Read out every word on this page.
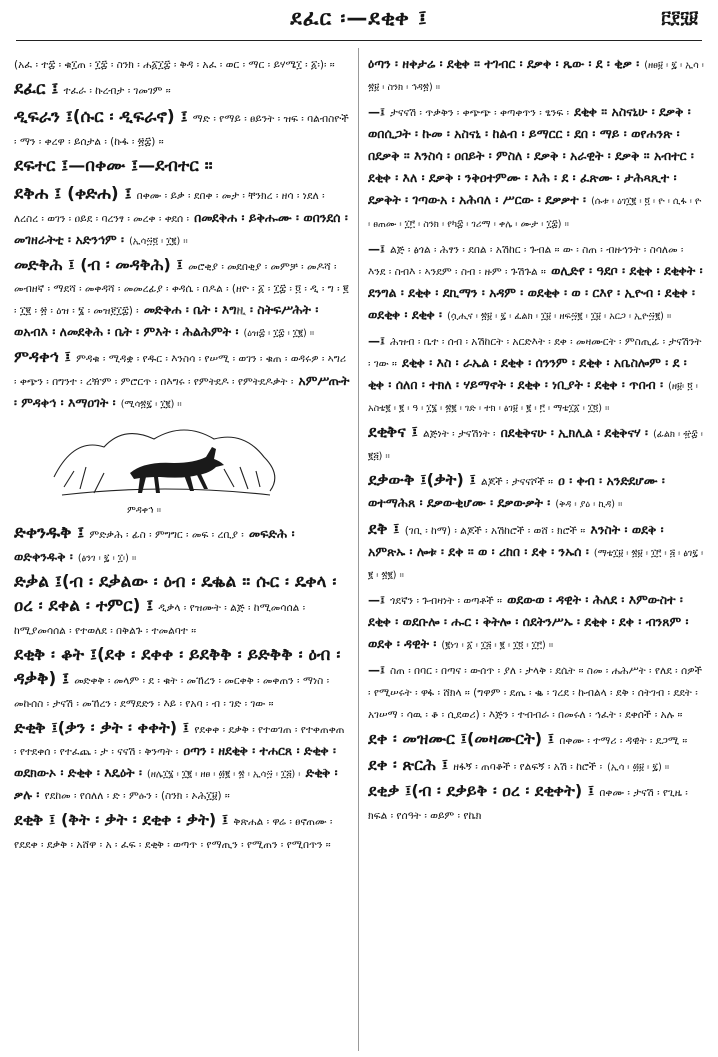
ደፈር ፡—ደቂቀ ፤	፫፻፶፱

(አፈ ፡ ተ፰ ፡ ቁ፲ጠ ፡ ፲፰ ፡ ስንክ ፡ ሐ፩፲፰ ፡ ቅዳ ፡ አፈ ፡ ወር ፡ ማር ፡ ይሃሜ፲ ፡ ፩፡)፡ ።

ደፈር ፤ ተፈራ ፡ ኩረብታ ፡ ገመገም ።

ዲፍራን ፤(ሱር ፡ ዲፍራኖ) ፤ ማድ ፡ የማይ ፡ ፀይንት ፡ ዝፍ ፡ ባልብስዮች ፡ ማን ፡ ቀረዋ ፡ ይሰታል ፡ (ኩፋ ፡ ፳፰) ።

ደፍተር ፤—በቀሙ ፤—ደብተር ።

ደቅሐ ፤ (ቀድሐ) ፤ በቀሙ ፡ ይቃ ፡ ደበቀ ፡ መታ ፡ ቸንክረ ፡ ዘሳ ፡ ነደለ ፡ ለረስረ ፡ ወገን ፡ ዐይደ ፡ ባረንፃ ፡ መረቀ ፡ ቀደሰ ፡ በመደቅሐ ፡ ይቅሑሙ ፡ ወበንደሰ ፡ መገዘራትቲ ፡ አድንኅም ፡ (ኢሳ፵፬ ፡ ፲፪) ።

መድቅሕ ፤ (ብ ፡ መዳቅሕ) ፤ መሮቂያ ፡ መደበቂያ ፡ መምቻ ፡ መዶሻ ፡ መብዘኛ ፡ ማደሻ ፡ መቀዳሻ ፡ መመረፊያ ፡ ቀዳሴ ፡ በዶል ፡ (ዘዮ ፡ ፩ ፡ ፲፰ ፡ ፬ ፡ ዲ ፡ ግ ፡ ፪ ፡ ፲፪ ፡ ፳ ፡ ዕዝ ፡ ፮ ፡ መዝ፻፲፰) ፡ መድቅሐ ፡ ቤት ፡ እግዚ ፡ ስትፍሥሕት ፡ ወአብእ ፡ ለመደቅሕ ፡ ቤት ፡ ምእት ፡ ሕልሕምት ፡ (ዕዝ፰ ፡ ፲፰ ፡ ፲፪) ።

ምዳቀኅ ፤ ምዳቁ ፡ ሚዳቋ ፡ የዱር ፡ እንስሳ ፡ የሠሚ ፡ ወገን ፡ ቁጠ ፡ ወዳሩዎ ፡ ኣግሪ ፡ ቀጭን ፡ በግንተ ፡ ረዥም ፡ ምሮርጥ ፡ በእግሩ ፡ የምትደዶ ፡ የምትደዶቃት ፡ አምሥጡት ፡ ምዳቀኅ ፡ እማዐገት ፡ (ሚሳ፳፯ ፡ ፲፪) ።

ምዳቀኅ ።

ድቀንዱቅ ፤ ምድቃሕ ፡ ፊስ ፡ ምግግር ፡ መፍ ፡ ረቢያ ፡ መፍድሕ ፡ ወድቀንዱቅ ፡ (ፅንገ ፡ ፯ ፡ ፲፡) ።

ድቃል ፤(ብ ፡ ደቃልው ፡ ዕብ ፡ ዴቈል ። ሱር ፡ ዴቀላ ፡ ዐረ ፡ ደቀል ፡ ተምር) ፤ ዲቃላ ፡ የዝሙት ፡ ልጅ ፡ ከሚመሳሰል ፡ ከሚያመሳሰል ፡ የተወለደ ፡ በቅልጉ ፡ ተመልባተ ።

ደቂቅ ፡ ቆት ፤(ደቀ ፡ ደቀቀ ፡ ይደቅቅ ፡ ይድቅቅ ፡ ዕብ ፡ ዳቃቅ) ፤ መድቀቅ ፡ መላም ፡ ደ ፡ ቁት ፡ መኸረን ፡ መርቀቅ ፡ መቀጠን ፡ ማነስ ፡ መኩሰስ ፡ ታናሽ ፡ መኸረን ፡ ደማደድን ፡ እይ ፡ የአባ ፡ ብ ፡ ገድ ፡ ገው ።

ድቂቅ ፤(ቃን ፡ ቃት ፡ ቀቀት) ፤ የደቀቀ ፡ ደቃቅ ፡ የተወገጠ ፡ የተቀጠቀጠ ፡ የተደቀሰ ፡ የተፈጨ ፡ ታ ፡ ናናሽ ፡ ቅንጣት ፡ ዐጣን ፡ ዘደቂቅ ፡ ተሐርጸ ፡ ድቂቀ ፡ ወደክውኦ ፡ ድቂቀ ፡ እዴዕት ፡ (ዘሌ፲፮ ፡ ፲፪ ፡ ዘፀ ፡ ፴፪ ፡ ፳ ፡ ኢሳ፵ ፡ ፲፭) ፡ ድቂቅ ፡ ቃሉ ፡ የደከመ ፡ የሰለለ ፡ ድ ፡ ምፁን ፡ (ስንክ ፡ ኦሕ፲፱) ።

ደቂቅ ፤ (ቅት ፡ ቃት ፡ ደቂቀ ፡ ቃት) ፤ ቅጽሐል ፡ ዋሬ ፡ ፀኖጠሙ ፡ የደደቀ ፡ ደቃቅ ፡ አሸዋ ፡ አ ፡ ፈፍ ፡ ደቂቅ ፡ ወጣጥ ፡ የማጢን ፡ የሚጠን ፡ የሚበጥን ።

ዕጣን ፡ ዘቀታሬ ፡ ደቂቀ ። ተገብር ፡ ደቃቀ ፡ ጼው ፡ ደ ፡ ቂቃ ፡ (ዘፀ፱ ፡ ፯ ፡ ኢሳ ፡ ፳፱ ፡ ስንክ ፡ ኅዳ፳) ።

—፤ ታናናሽ ፡ ጥቃቅን ፡ ቀጭጭ ፡ ቀጣቀጥን ፡ ፄንፍ ፡ ደቂቀ ። አስናኒሁ ፡ ደቃቅ ፡ ወበሲጋት ፡ ኩመ ፡ አስናኒ ፡ ከልብ ፡ ይማርር ፡ ደበ ፡ ማይ ፡ ወየሐንጽ ፡ በደቃቅ ። እንስሳ ፡ ዐበይት ፡ ምስለ ፡ ደቃቅ ፡ አራዊት ፡ ደቃቅ ። አብተር ፡ ደቂቀ ፡ እለ ፡ ደቃቅ ፡ ንቅዐተምሙ ፡ እሕ ፡ ደ ፡ ፈጽሙ ፡ ታሕጻጺተ ፡ ደቃቅት ፡ ገጣውአ ፡ አሕባለ ፡ ሥርው ፡ ደቃቃተ ፡ (ሱቱ ፡ ዕገ፲፪ ፡ ፬ ፡ ዮ ፡ ሲፋ ፡ ዮ ፡ ፀጠሙ ፡ ፲፫ ፡ ስንክ ፡ የካ፰ ፡ ገሪማ ፡ ቀሌ ፡ ሙታ ፡ ፲፰) ።

—፤ ልጅ ፡ ፅጎል ፡ ሕፃን ፡ ደበል ፡ አሽከር ፡ ጉብል ። ው ፡ ስጠ ፡ ብዙኅንት ፡ ስሳለመ ፡ እንደ ፡ ስብእ ፡ ኣንደም ፡ ስብ ፡ ዙም ፡ ጉሽጉል ። ወሊድየ ፡ ዓደቦ ፡ ደቂቀ ፡ ደቂቀት ፡ ደንግል ፡ ደቂቀ ፡ ደኪማን ፡ አዳም ፡ ወደቂቀ ፡ ወ ፡ ርእየ ፡ ኢዮብ ፡ ደቂቀ ፡ ወደቂቀ ፡ ደቂቀ ፡ (ሷሒና ፡ ፳፱ ፡ ፯ ፡ ፈልክ ፡ ፲፱ ፡ ዘፍ፵፪ ፡ ፲፱ ፡ አርጋ ፡ ኢዮ፵፪) ።

—፤ ሕዝብ ፡ ቤተ ፡ ሰብ ፡ አሽከርት ፡ አርድእት ፡ ደቀ ፡ መዛሙርት ፡ ምስጢፊ ፡ ታናሽንት ፡ ገው ። ደቂቀ ፡ እስ ፡ ራኤል ፡ ደቂቀ ፡ ሰንንም ፡ ደቂቀ ፡ አቤስሎም ፡ ደ ፡ ቂቀ ፡ ሰለበ ፡ ተክለ ፡ ሃይማኖት ፡ ደቂቀ ፡ ነቢያት ፡ ደቂቀ ፡ ጥበብ ፡ (ዘ፱፡ ፬ ፡ አስቴ፪ ፡ ፪ ፡ ዓ ፡ ፲፮ ፡ ፳፪ ፡ ገድ ፡ ተክ ፡ ፅገ፱ ፡ ፪ ፡ ፫ ፡ ማቴ፲፩ ፡ ፲፬) ።

ደቂቅና ፤ ልጅነት ፡ ታናሽነት ፡ በደቂቅናሁ ፡ ኢክሊል ፡ ደቂቅናሃ ፡ (ፊልክ ፡ ፹፰ ፡ ፪፭) ።

ደቃውቅ ፤(ቃት) ፤ ልጆች ፡ ታናናሾች ። ዐ ፡ ቀብ ፡ አንድደሆሙ ፡ ወተማሕጸ ፡ ደቃውቂሆሙ ፡ ደቃውቃት ፡ (ቅዳ ፡ ያዕ ፡ ኪዳ) ።

ደቅ ፤ (ገቢ ፡ ከማ) ፡ ልጆች ፡ አሽከሮች ፡ ወሸ ፡ ክሮች ። እንስት ፡ ወደቅ ፡ አምጽኡ ፡ ሎቱ ፡ ደቀ ። ወ ፡ ረከበ ፡ ደቀ ፡ ንኡሰ ፡ (ማቴ፲፱ ፡ ፳፱ ፡ ፲፫ ፡ ፭ ፡ ፅገ፯ ፡ ፪ ፡ ፳፪) ።

—፤ ጎደኛን ፡ ጉብዛነት ፡ ወጣቶች ። ወደውወ ፡ ዳዊት ፡ ሕለደ ፡ እምውስተ ፡ ደቂቀ ፡ ወደቡሎ ፡ ሑር ፡ ቅትሎ ፡ ሰደትንሥኡ ፡ ደቂቀ ፡ ደቀ ፡ ብንጸም ፡ ወደቀ ፡ ዳዊት ፡ (፪ነገ ፡ ፩ ፡ ፲፭ ፡ ፪ ፡ ፲፬ ፡ ፲፫) ።

—፤ ስጠ ፡ በባር ፡ በጣና ፡ ውሰጥ ፡ ያለ ፡ ታላቅ ፡ ደሴት ። ስመ ፡ ሐሕሥት ፡ የለደ ፡ ሰዎች ፡ የሚሠሩት ፡ ዋፋ ፡ ሸክላ ። (ግዋም ፡ ደጤ ፡ ቈ ፡ ገረደ ፡ ኩብልላ ፡ ደቅ ፡ ሰትገብ ፡ ደደት ፡ አገሠማ ፡ ሳዉ ፡ ቆ ፡ ሲደወሪ) ፡ እጅን ፡ ተብብራ ፡ በመሩለ ፡ ኅፈት ፡ ደቀሰች ፡ አሉ ።

ደቀ ፡ መዝሙር ፤(መዛሙርት) ፤ በቀሙ ፡ ተማሪ ፡ ዳዊት ፡ ደጋሚ ።

ደቀ ፡ ጽርሕ ፤ ዘፋኝ ፡ ጠባቆች ፡ የልፍኝ ፡ አሽ ፡ ከሮች ፡ (ኢሳ ፡ ፴፱ ፡ ፯) ።

ደቂቃ ፤(ብ ፡ ደቃይቅ ፡ ዐረ ፡ ደቂቀት) ፤ በቀሙ ፡ ታናሽ ፡ የጊዜ ፡ ክፍል ፡ የሰዓት ፡ ወይም ፡ የኬክ
